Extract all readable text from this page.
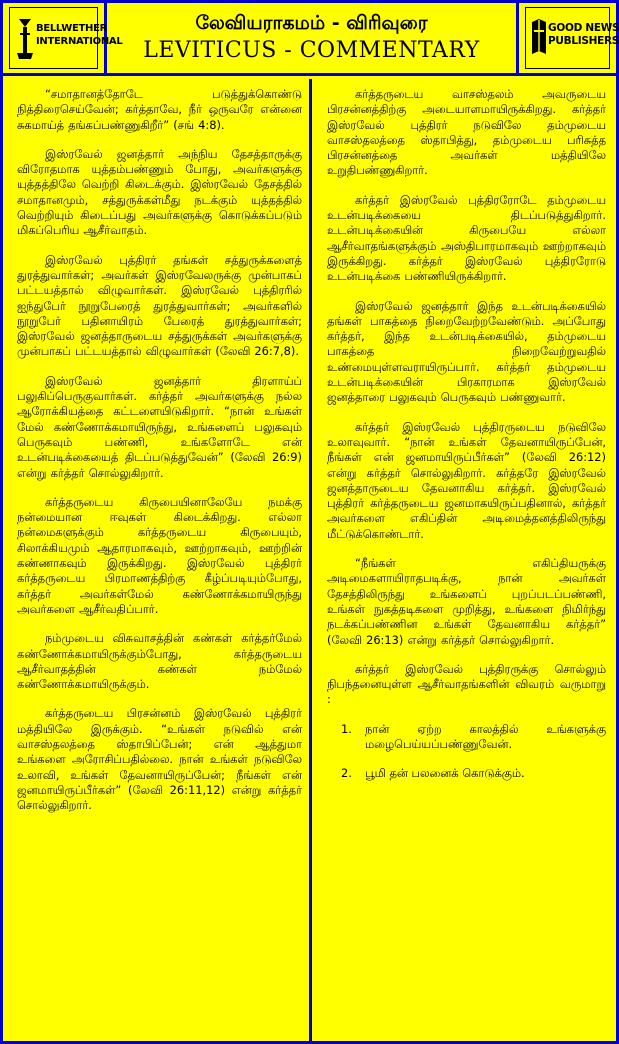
BELLWETHER
INTERNATIONAL
லேவியராகமம் - விரிவுரை
LEVITICUS - COMMENTARY
GOOD NEWS
PUBLISHERS

“சமாதானத்தோடே படுத்துக்கொண்டு நித்திரைசெய்வேன்; கர்த்தாவே, நீர் ஒருவரே என்னை சுகமாய்த் தங்கப்பண்ணுகிறீர்” (சங் 4:8).

இஸ்ரவேல் ஜனத்தார் அந்நிய தேசத்தாருக்கு விரோதமாக யுத்தம்பண்ணும் போது, அவர்களுக்கு யுத்தத்திலே வெற்றி கிடைக்கும். இஸ்ரவேல் தேசத்தில் சமாதானமும், சத்துருக்கள்மீது நடக்கும் யுத்தத்தில் வெற்றியும் கிடைப்பது அவர்களுக்கு கொடுக்கப்படும் மிகப்பெரிய ஆசீர்வாதம்.

இஸ்ரவேல் புத்திரர் தங்கள் சத்துருக்களைத் துரத்துவார்கள்; அவர்கள் இஸ்ரவேலருக்கு முன்பாகப் பட்டயத்தால் விழுவார்கள். இஸ்ரவேல் புத்திரரில் ஐந்துபேர் நூறுபேரைத் துரத்துவார்கள்; அவர்களில் நூறுபேர் பதினாயிரம் பேரைத் துரத்துவார்கள்; இஸ்ரவேல் ஜனத்தாருடைய சத்துருக்கள் அவர்களுக்கு முன்பாகப் பட்டயத்தால் விழுவார்கள் (லேவி 26:7,8).

இஸ்ரவேல் ஜனத்தார் திரளாய்ப் பலுகிப்பெருகுவார்கள். கர்த்தர் அவர்களுக்கு நல்ல ஆரோக்கியத்தை கட்டளையிடுகிறார். “நான் உங்கள் மேல் கண்ணோக்கமாயிருந்து, உங்களைப் பலுகவும் பெருகவும் பண்ணி, உங்களோடே என் உடன்படிக்கையைத் திடப்படுத்துவேன்” (லேவி 26:9) என்று கர்த்தர் சொல்லுகிறார்.

கர்த்தருடைய கிருபையினாலேயே நமக்கு நன்மையான ஈவுகள் கிடைக்கிறது. எல்லா நன்மைகளுக்கும் கர்த்தருடைய கிருபையும், சிலாக்கியமும் ஆதாரமாகவும், ஊற்றாகவும், ஊற்றின் கண்ணாகவும் இருக்கிறது. இஸ்ரவேல் புத்திரர் கர்த்தருடைய பிரமாணத்திற்கு கீழ்ப்படியும்போது, கர்த்தர் அவர்கள்மேல் கண்ணோக்கமாயிருந்து அவர்களை ஆசீர்வதிப்பார்.

நம்முடைய விசுவாசத்தின் கண்கள் கர்த்தர்மேல் கண்ணோக்கமாயிருக்கும்போது, கர்த்தருடைய ஆசீர்வாதத்தின் கண்கள் நம்மேல் கண்ணோக்கமாயிருக்கும்.

கர்த்தருடைய பிரசன்னம் இஸ்ரவேல் புத்திரர் மத்தியிலே இருக்கும். “உங்கள் நடுவில் என் வாசஸ்தலத்தை ஸ்தாபிப்பேன்; என் ஆத்துமா உங்களை அரோசிப்பதில்லை. நான் உங்கள் நடுவிலே உலாவி, உங்கள் தேவனாயிருப்பேன்; நீங்கள் என் ஜனமாயிருப்பீர்கள்” (லேவி 26:11,12) என்று கர்த்தர் சொல்லுகிறார்.

கர்த்தருடைய வாசஸ்தலம் அவருடைய பிரசன்னத்திற்கு அடையாளமாயிருக்கிறது. கர்த்தர் இஸ்ரவேல் புத்திரர் நடுவிலே தம்முடைய வாசஸ்தலத்தை ஸ்தாபித்து, தம்முடைய பரிசுத்த பிரசன்னத்தை அவர்கள் மத்தியிலே உறுதிபண்ணுகிறார்.

கர்த்தர் இஸ்ரவேல் புத்திரரோடே தம்முடைய உடன்படிக்கையை திடப்படுத்துகிறார். உடன்படிக்கையின் கிருபையே எல்லா ஆசீர்வாதங்களுக்கும் அஸ்திபாரமாகவும் ஊற்றாகவும் இருக்கிறது. கர்த்தர் இஸ்ரவேல் புத்திரரோடு உடன்படிக்கை பண்ணியிருக்கிறார்.

இஸ்ரவேல் ஜனத்தார் இந்த உடன்படிக்கையில் தங்கள் பாகத்தை நிறைவேற்றவேண்டும். அப்போது கர்த்தர், இந்த உடன்படிக்கையில், தம்முடைய பாகத்தை நிறைவேற்றுவதில் உண்மையுள்ளவராயிருப்பார். கர்த்தர் தம்முடைய உடன்படிக்கையின் பிரகாரமாக இஸ்ரவேல் ஜனத்தாரை பலுகவும் பெருகவும் பண்ணுவார்.

கர்த்தர் இஸ்ரவேல் புத்திரருடைய நடுவிலே உலாவுவார். “நான் உங்கள் தேவனாயிருப்பேன், நீங்கள் என் ஜனமாயிருப்பீர்கள்” (லேவி 26:12) என்று கர்த்தர் சொல்லுகிறார். கர்த்தரே இஸ்ரவேல் ஜனத்தாருடைய தேவனாகிய கர்த்தர். இஸ்ரவேல் புத்திரர் கர்த்தருடைய ஜனமாகயிருப்பதினால், கர்த்தர் அவர்களை எகிப்தின் அடிமைத்தனத்திலிருந்து மீட்டுக்கொண்டார்.

“நீங்கள் எகிப்தியருக்கு அடிமைகளாயிராதபடிக்கு, நான் அவர்கள் தேசத்திலிருந்து உங்களைப் புறப்படப்பண்ணி, உங்கள் நுகத்தடிகளை முறித்து, உங்களை நிமிர்ந்து நடக்கப்பண்ணின உங்கள் தேவனாகிய கர்த்தர்” (லேவி 26:13) என்று கர்த்தர் சொல்லுகிறார்.

கர்த்தர் இஸ்ரவேல் புத்திரருக்கு சொல்லும் நிபந்தனையுள்ள ஆசீர்வாதங்களின் விவரம் வருமாறு :

1. நான் ஏற்ற காலத்தில் உங்களுக்கு மழைபெய்யப்பண்ணுவேன்.
2. பூமி தன் பலனைக் கொடுக்கும்.
